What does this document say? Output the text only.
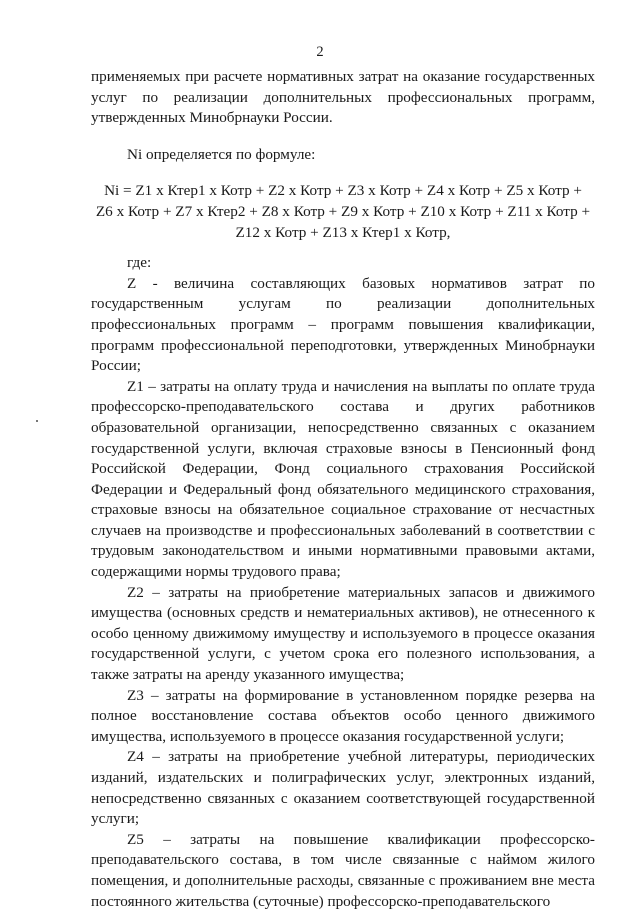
2

применяемых при расчете нормативных затрат на оказание государственных услуг по реализации дополнительных профессиональных программ, утвержденных Минобрнауки России.

Ni определяется по формуле:

Ni = Z1 x Ктер1 x Котр + Z2 x Котр + Z3 x Котр + Z4 x Котр + Z5 x Котр +
Z6 x Котр + Z7 x Ктер2 + Z8 x Котр + Z9 x Котр + Z10 x Котр + Z11 x Котр +
Z12 x Котр + Z13 x Ктер1 x Котр,

где:

Z - величина составляющих базовых нормативов затрат по государственным услугам по реализации дополнительных профессиональных программ – программ повышения квалификации, программ профессиональной переподготовки, утвержденных Минобрнауки России;

Z1 – затраты на оплату труда и начисления на выплаты по оплате труда профессорско-преподавательского состава и других работников образовательной организации, непосредственно связанных с оказанием государственной услуги, включая страховые взносы в Пенсионный фонд Российской Федерации, Фонд социального страхования Российской Федерации и Федеральный фонд обязательного медицинского страхования, страховые взносы на обязательное социальное страхование от несчастных случаев на производстве и профессиональных заболеваний в соответствии с трудовым законодательством и иными нормативными правовыми актами, содержащими нормы трудового права;

Z2 – затраты на приобретение материальных запасов и движимого имущества (основных средств и нематериальных активов), не отнесенного к особо ценному движимому имуществу и используемого в процессе оказания государственной услуги, с учетом срока его полезного использования, а также затраты на аренду указанного имущества;

Z3 – затраты на формирование в установленном порядке резерва на полное восстановление состава объектов особо ценного движимого имущества, используемого в процессе оказания государственной услуги;

Z4 – затраты на приобретение учебной литературы, периодических изданий, издательских и полиграфических услуг, электронных изданий, непосредственно связанных с оказанием соответствующей государственной услуги;

Z5 – затраты на повышение квалификации профессорско-преподавательского состава, в том числе связанные с наймом жилого помещения, и дополнительные расходы, связанные с проживанием вне места постоянного жительства (суточные) профессорско-преподавательского
